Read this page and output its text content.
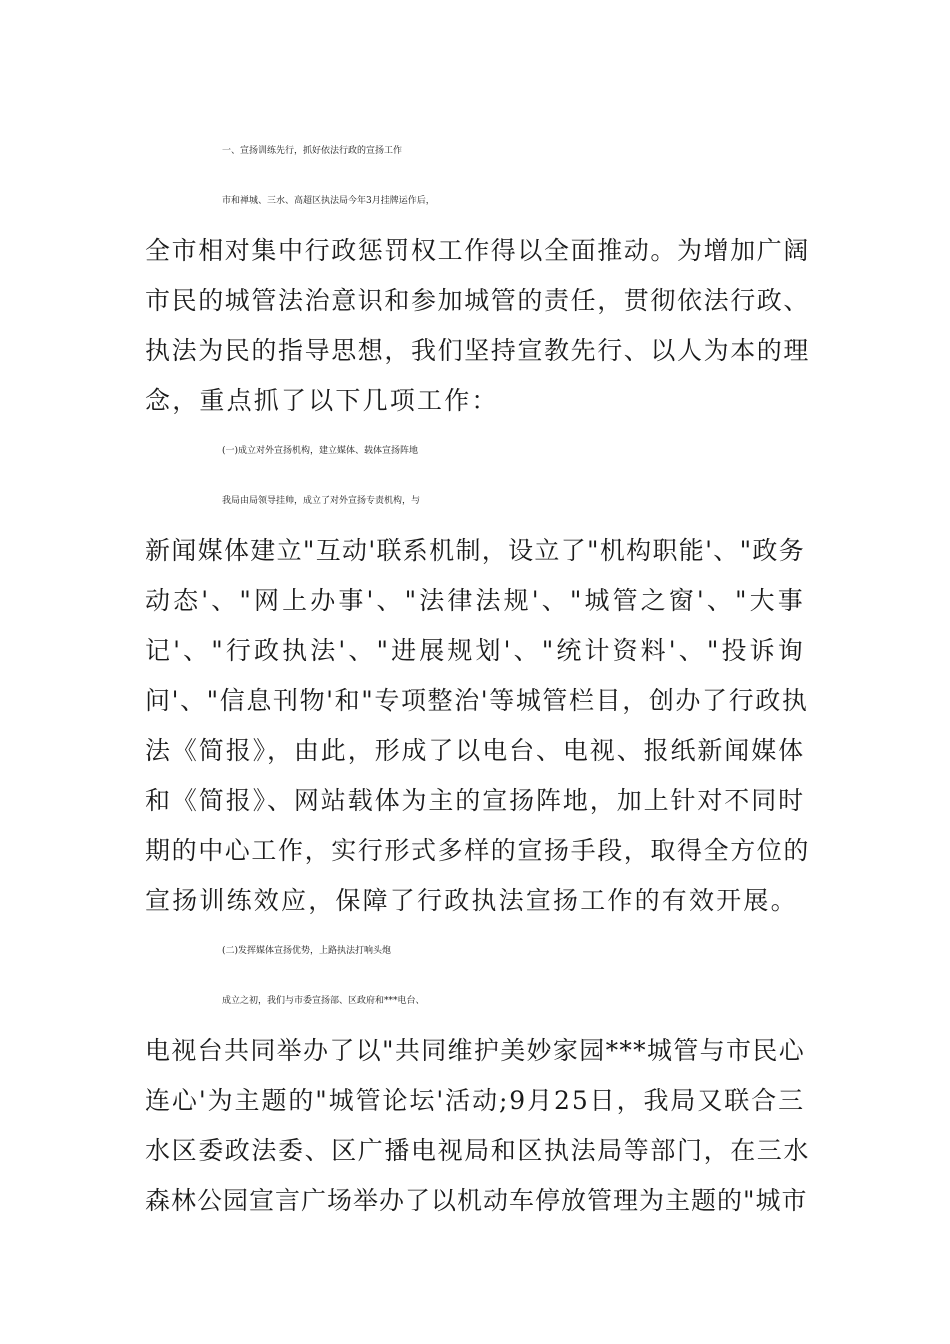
一、宣扬训练先行，抓好依法行政的宣扬工作
市和禅城、三水、高超区执法局今年3月挂牌运作后，
全市相对集中行政惩罚权工作得以全面推动。为增加广阔
市民的城管法治意识和参加城管的责任，贯彻依法行政、
执法为民的指导思想，我们坚持宣教先行、以人为本的理
念，重点抓了以下几项工作：
(一)成立对外宣扬机构，建立媒体、载体宣扬阵地
我局由局领导挂帅，成立了对外宣扬专责机构，与
新闻媒体建立"互动'联系机制，设立了"机构职能'、"政务
动态'、"网上办事'、"法律法规'、"城管之窗'、"大事
记'、"行政执法'、"进展规划'、"统计资料'、"投诉询
问'、"信息刊物'和"专项整治'等城管栏目，创办了行政执
法《简报》，由此，形成了以电台、电视、报纸新闻媒体
和《简报》、网站载体为主的宣扬阵地，加上针对不同时
期的中心工作，实行形式多样的宣扬手段，取得全方位的
宣扬训练效应，保障了行政执法宣扬工作的有效开展。
(二)发挥媒体宣扬优势，上路执法打响头炮
成立之初，我们与市委宣扬部、区政府和***电台、
电视台共同举办了以"共同维护美妙家园***城管与市民心
连心'为主题的"城管论坛'活动;9月25日，我局又联合三
水区委政法委、区广播电视局和区执法局等部门，在三水
森林公园宣言广场举办了以机动车停放管理为主题的"城市
